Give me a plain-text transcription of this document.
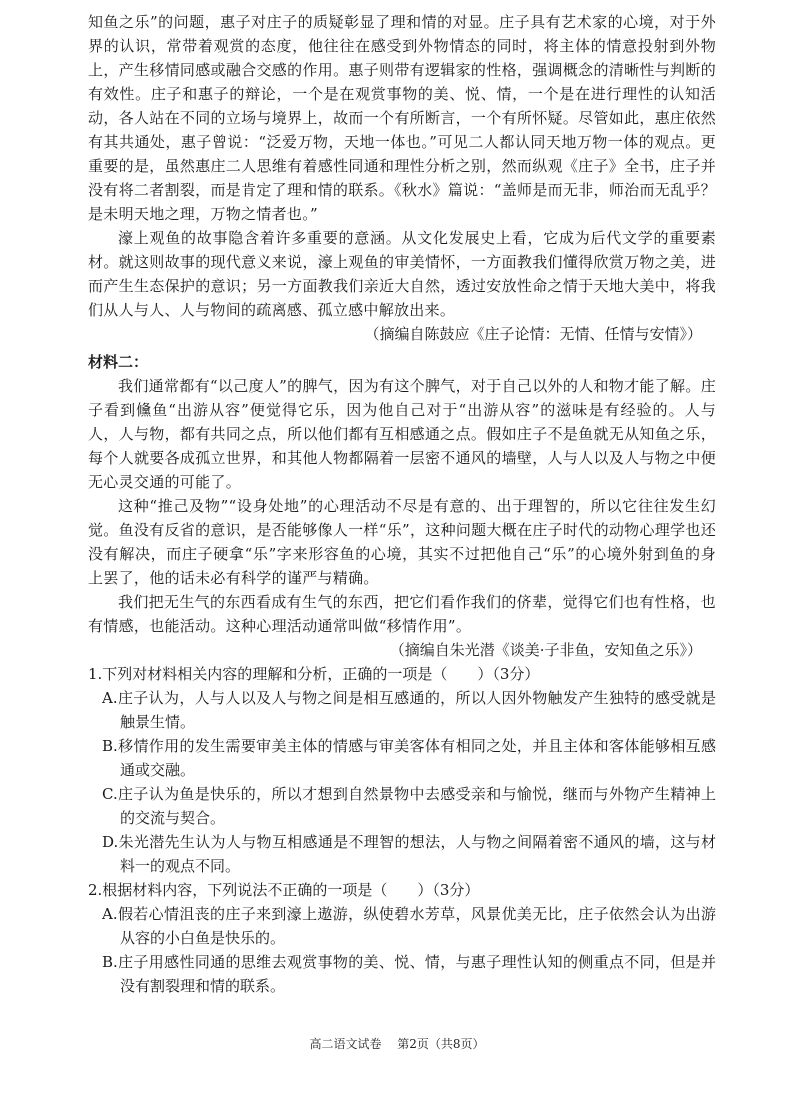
知鱼之乐”的问题，惠子对庄子的质疑彰显了理和情的对显。庄子具有艺术家的心境，对于外界的认识，常带着观赏的态度，他往往在感受到外物情态的同时，将主体的情意投射到外物上，产生移情同感或融合交感的作用。惠子则带有逻辑家的性格，强调概念的清晰性与判断的有效性。庄子和惠子的辩论，一个是在观赏事物的美、悦、情，一个是在进行理性的认知活动，各人站在不同的立场与境界上，故而一个有所断言，一个有所怀疑。尽管如此，惠庄依然有其共通处，惠子曾说：“泛爱万物，天地一体也。”可见二人都认同天地万物一体的观点。更重要的是，虽然惠庄二人思维有着感性同通和理性分析之别，然而纵观《庄子》全书，庄子并没有将二者割裂，而是肯定了理和情的联系。《秋水》篇说：“盖师是而无非，师治而无乱乎？是未明天地之理，万物之情者也。”

濠上观鱼的故事隐含着许多重要的意涵。从文化发展史上看，它成为后代文学的重要素材。就这则故事的现代意义来说，濠上观鱼的审美情怀，一方面教我们懂得欣赏万物之美，进而产生生态保护的意识；另一方面教我们亲近大自然，透过安放性命之情于天地大美中，将我们从人与人、人与物间的疏离感、孤立感中解放出来。

（摘编自陈鼓应《庄子论情：无情、任情与安情》）

材料二：

我们通常都有“以己度人”的脾气，因为有这个脾气，对于自己以外的人和物才能了解。庄子看到儵鱼“出游从容”便觉得它乐，因为他自己对于“出游从容”的滋味是有经验的。人与人，人与物，都有共同之点，所以他们都有互相感通之点。假如庄子不是鱼就无从知鱼之乐，每个人就要各成孤立世界，和其他人物都隔着一层密不通风的墙壁，人与人以及人与物之中便无心灵交通的可能了。

这种“推己及物”“设身处地”的心理活动不尽是有意的、出于理智的，所以它往往发生幻觉。鱼没有反省的意识，是否能够像人一样“乐”，这种问题大概在庄子时代的动物心理学也还没有解决，而庄子硬拿“乐”字来形容鱼的心境，其实不过把他自己“乐”的心境外射到鱼的身上罢了，他的话未必有科学的谨严与精确。

我们把无生气的东西看成有生气的东西，把它们看作我们的侪辈，觉得它们也有性格，也有情感，也能活动。这种心理活动通常叫做“移情作用”。

（摘编自朱光潜《谈美·子非鱼，安知鱼之乐》）

1.下列对材料相关内容的理解和分析，正确的一项是（　　）（3分）

A.庄子认为，人与人以及人与物之间是相互感通的，所以人因外物触发产生独特的感受就是触景生情。

B.移情作用的发生需要审美主体的情感与审美客体有相同之处，并且主体和客体能够相互感通或交融。

C.庄子认为鱼是快乐的，所以才想到自然景物中去感受亲和与愉悦，继而与外物产生精神上的交流与契合。

D.朱光潜先生认为人与物互相感通是不理智的想法，人与物之间隔着密不通风的墙，这与材料一的观点不同。

2.根据材料内容，下列说法不正确的一项是（　　）（3分）

A.假若心情沮丧的庄子来到濠上遨游，纵使碧水芳草，风景优美无比，庄子依然会认为出游从容的小白鱼是快乐的。

B.庄子用感性同通的思维去观赏事物的美、悦、情，与惠子理性认知的侧重点不同，但是并没有割裂理和情的联系。

高二语文试卷 第2页（共8页）
